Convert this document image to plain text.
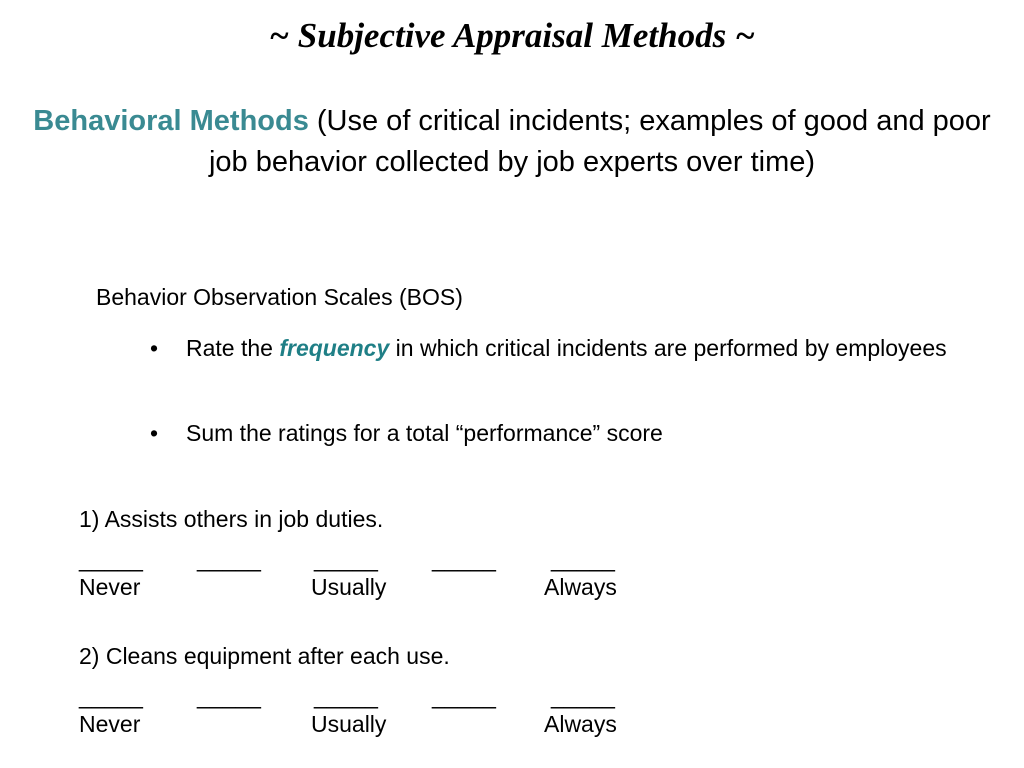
~ Subjective Appraisal Methods ~
Behavioral Methods (Use of critical incidents; examples of good and poor job behavior collected by job experts over time)
Behavior Observation Scales (BOS)
• Rate the frequency in which critical incidents are performed by employees
• Sum the ratings for a total “performance” score
1) Assists others in job duties.
_____ _____ _____ _____ _____
Never	Usually	Always
2) Cleans equipment after each use.
_____ _____ _____ _____ _____
Never	Usually	Always
